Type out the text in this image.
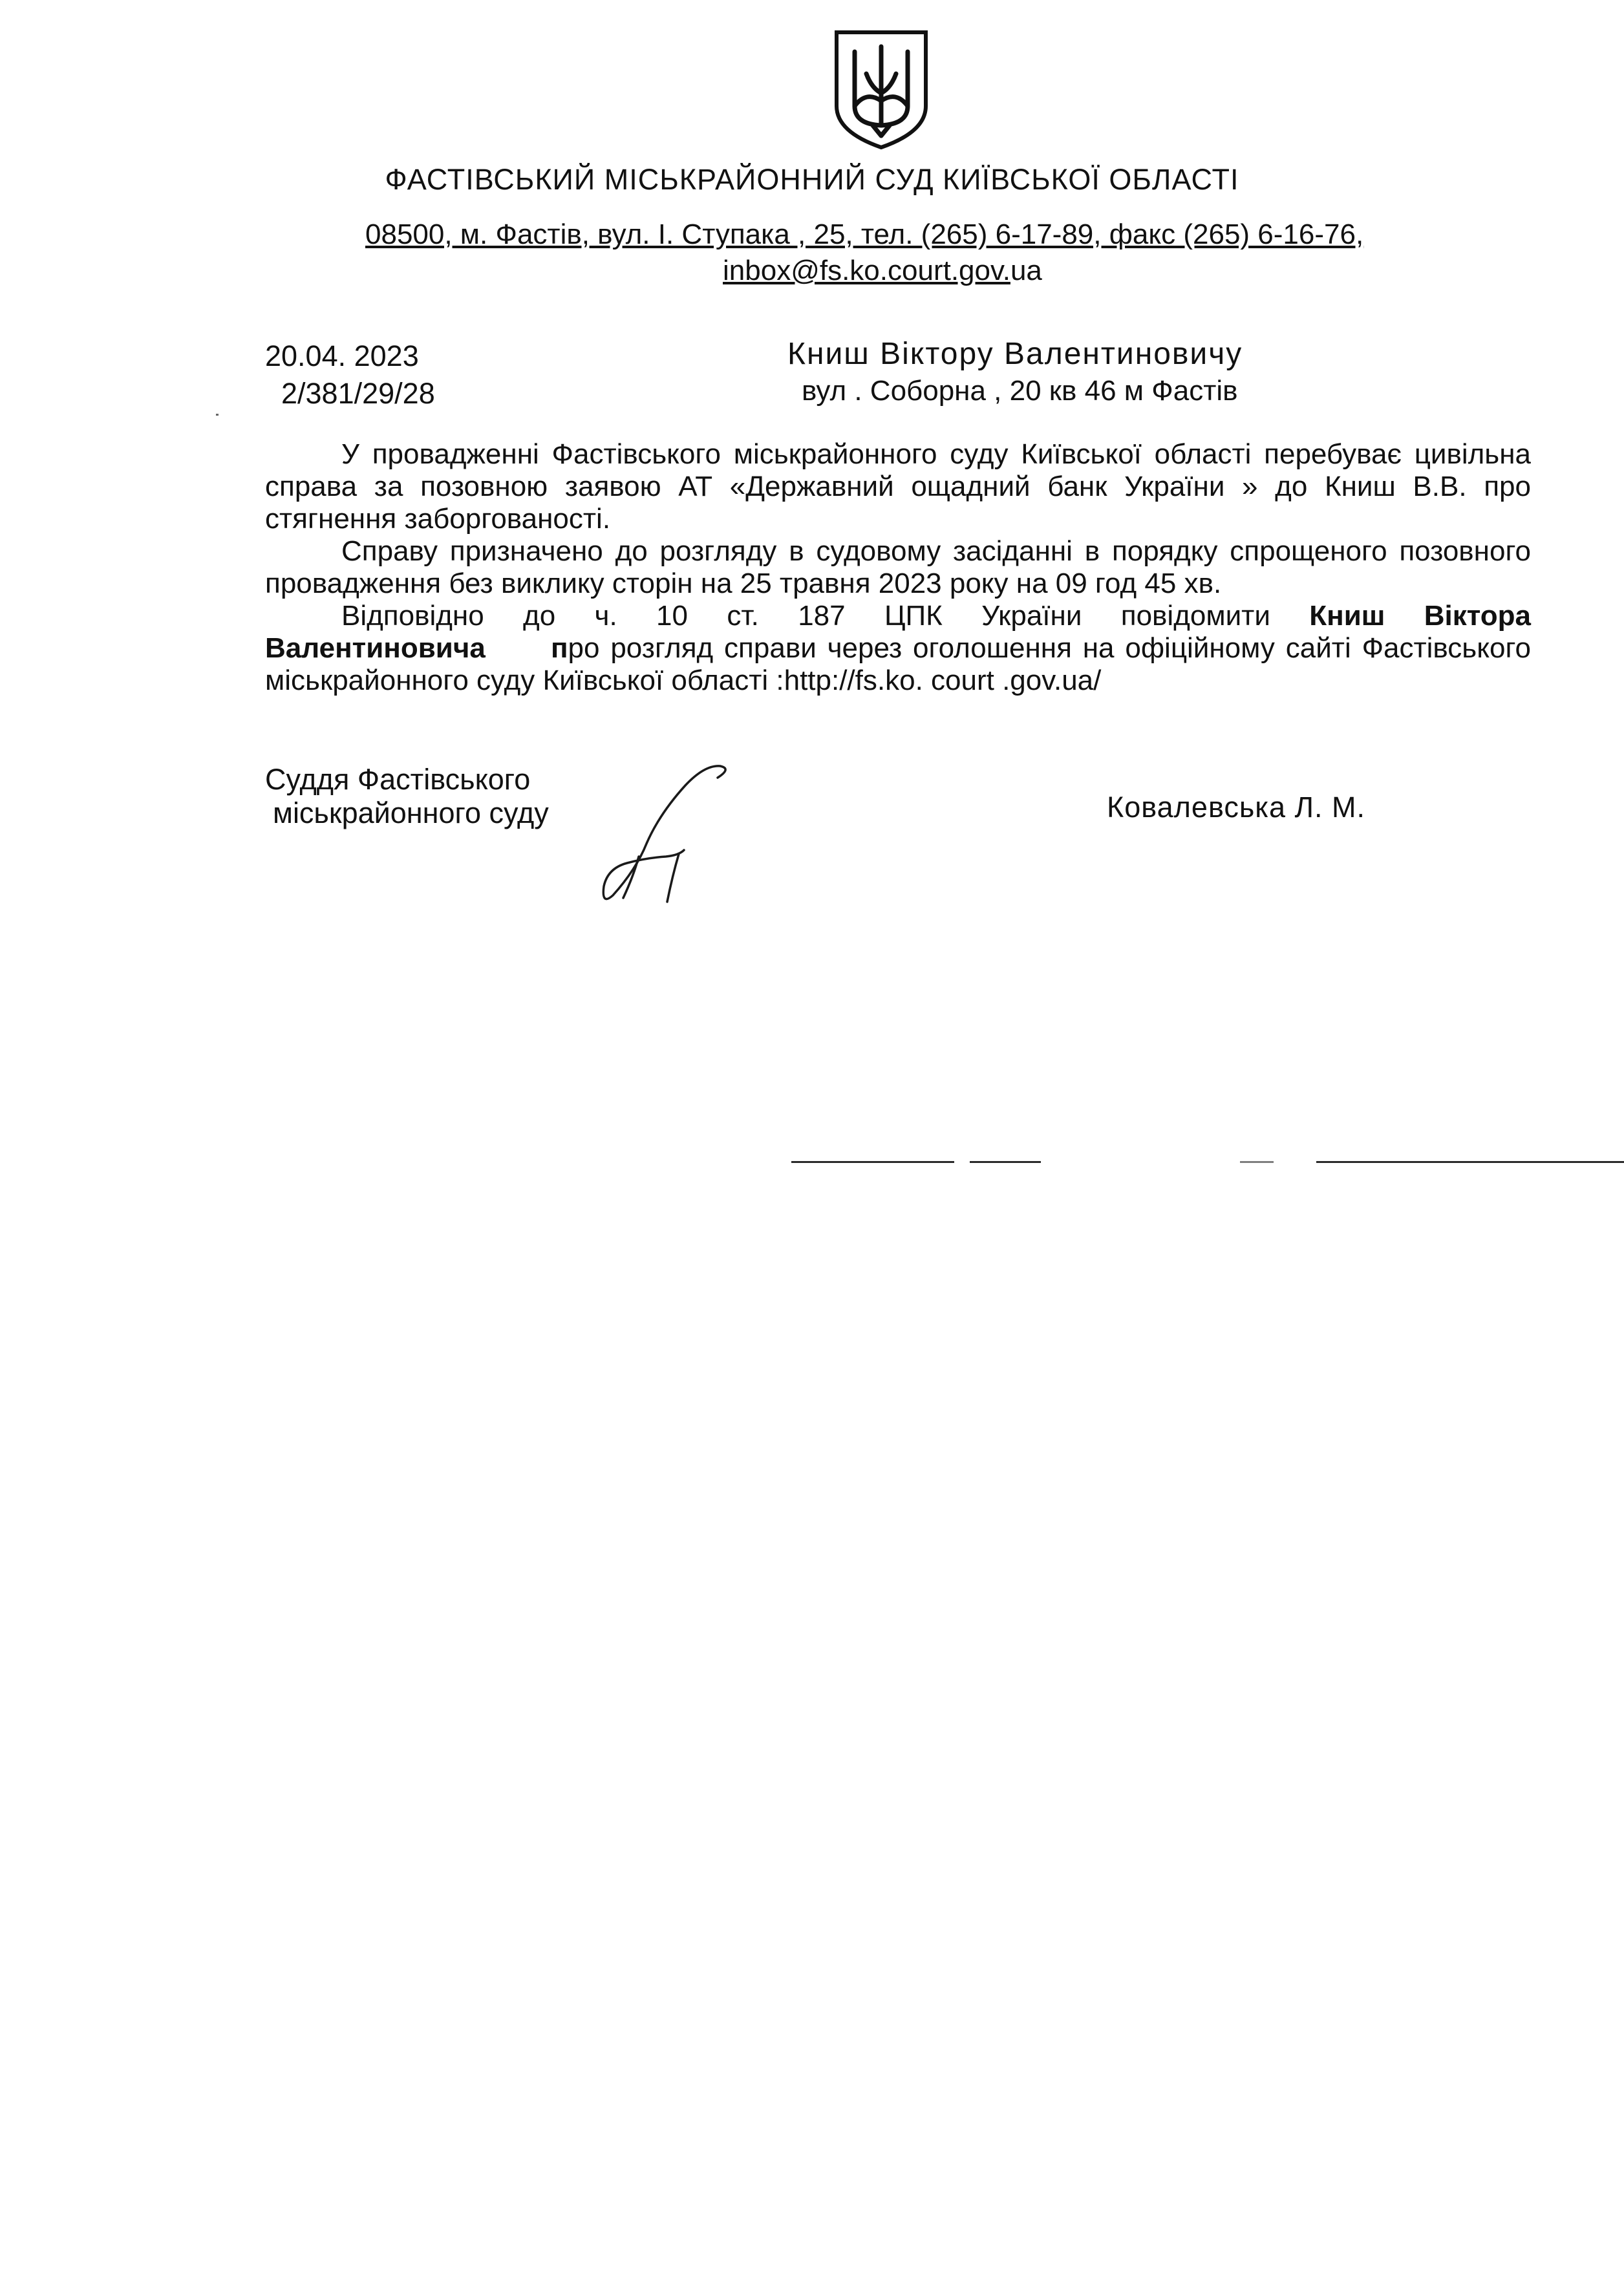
ФАСТІВСЬКИЙ МІСЬКРАЙОННИЙ СУД КИЇВСЬКОЇ ОБЛАСТІ
08500, м. Фастів, вул. І. Ступака , 25, тел. (265) 6-17-89, факс (265) 6-16-76,
inbox@fs.ko.court.gov.ua
20.04. 2023
2/381/29/28
Книш Віктору Валентиновичу
вул . Соборна , 20 кв 46 м Фастів

У провадженні Фастівського міськрайонного суду Київської області перебуває цивільна справа за позовною заявою АТ «Державний ощадний банк України » до Книш В.В. про стягнення заборгованості.

Справу призначено до розгляду в судовому засіданні в порядку спрощеного позовного провадження без виклику сторін на 25 травня 2023 року на 09 год 45 хв.

Відповідно до ч. 10 ст. 187 ЦПК України повідомити Книш Віктора Валентиновича про розгляд справи через оголошення на офіційному сайті Фастівського міськрайонного суду Київської області :http://fs.ko. court .gov.ua/

Суддя Фастівського
міськрайонного суду	Ковалевська Л. М.
